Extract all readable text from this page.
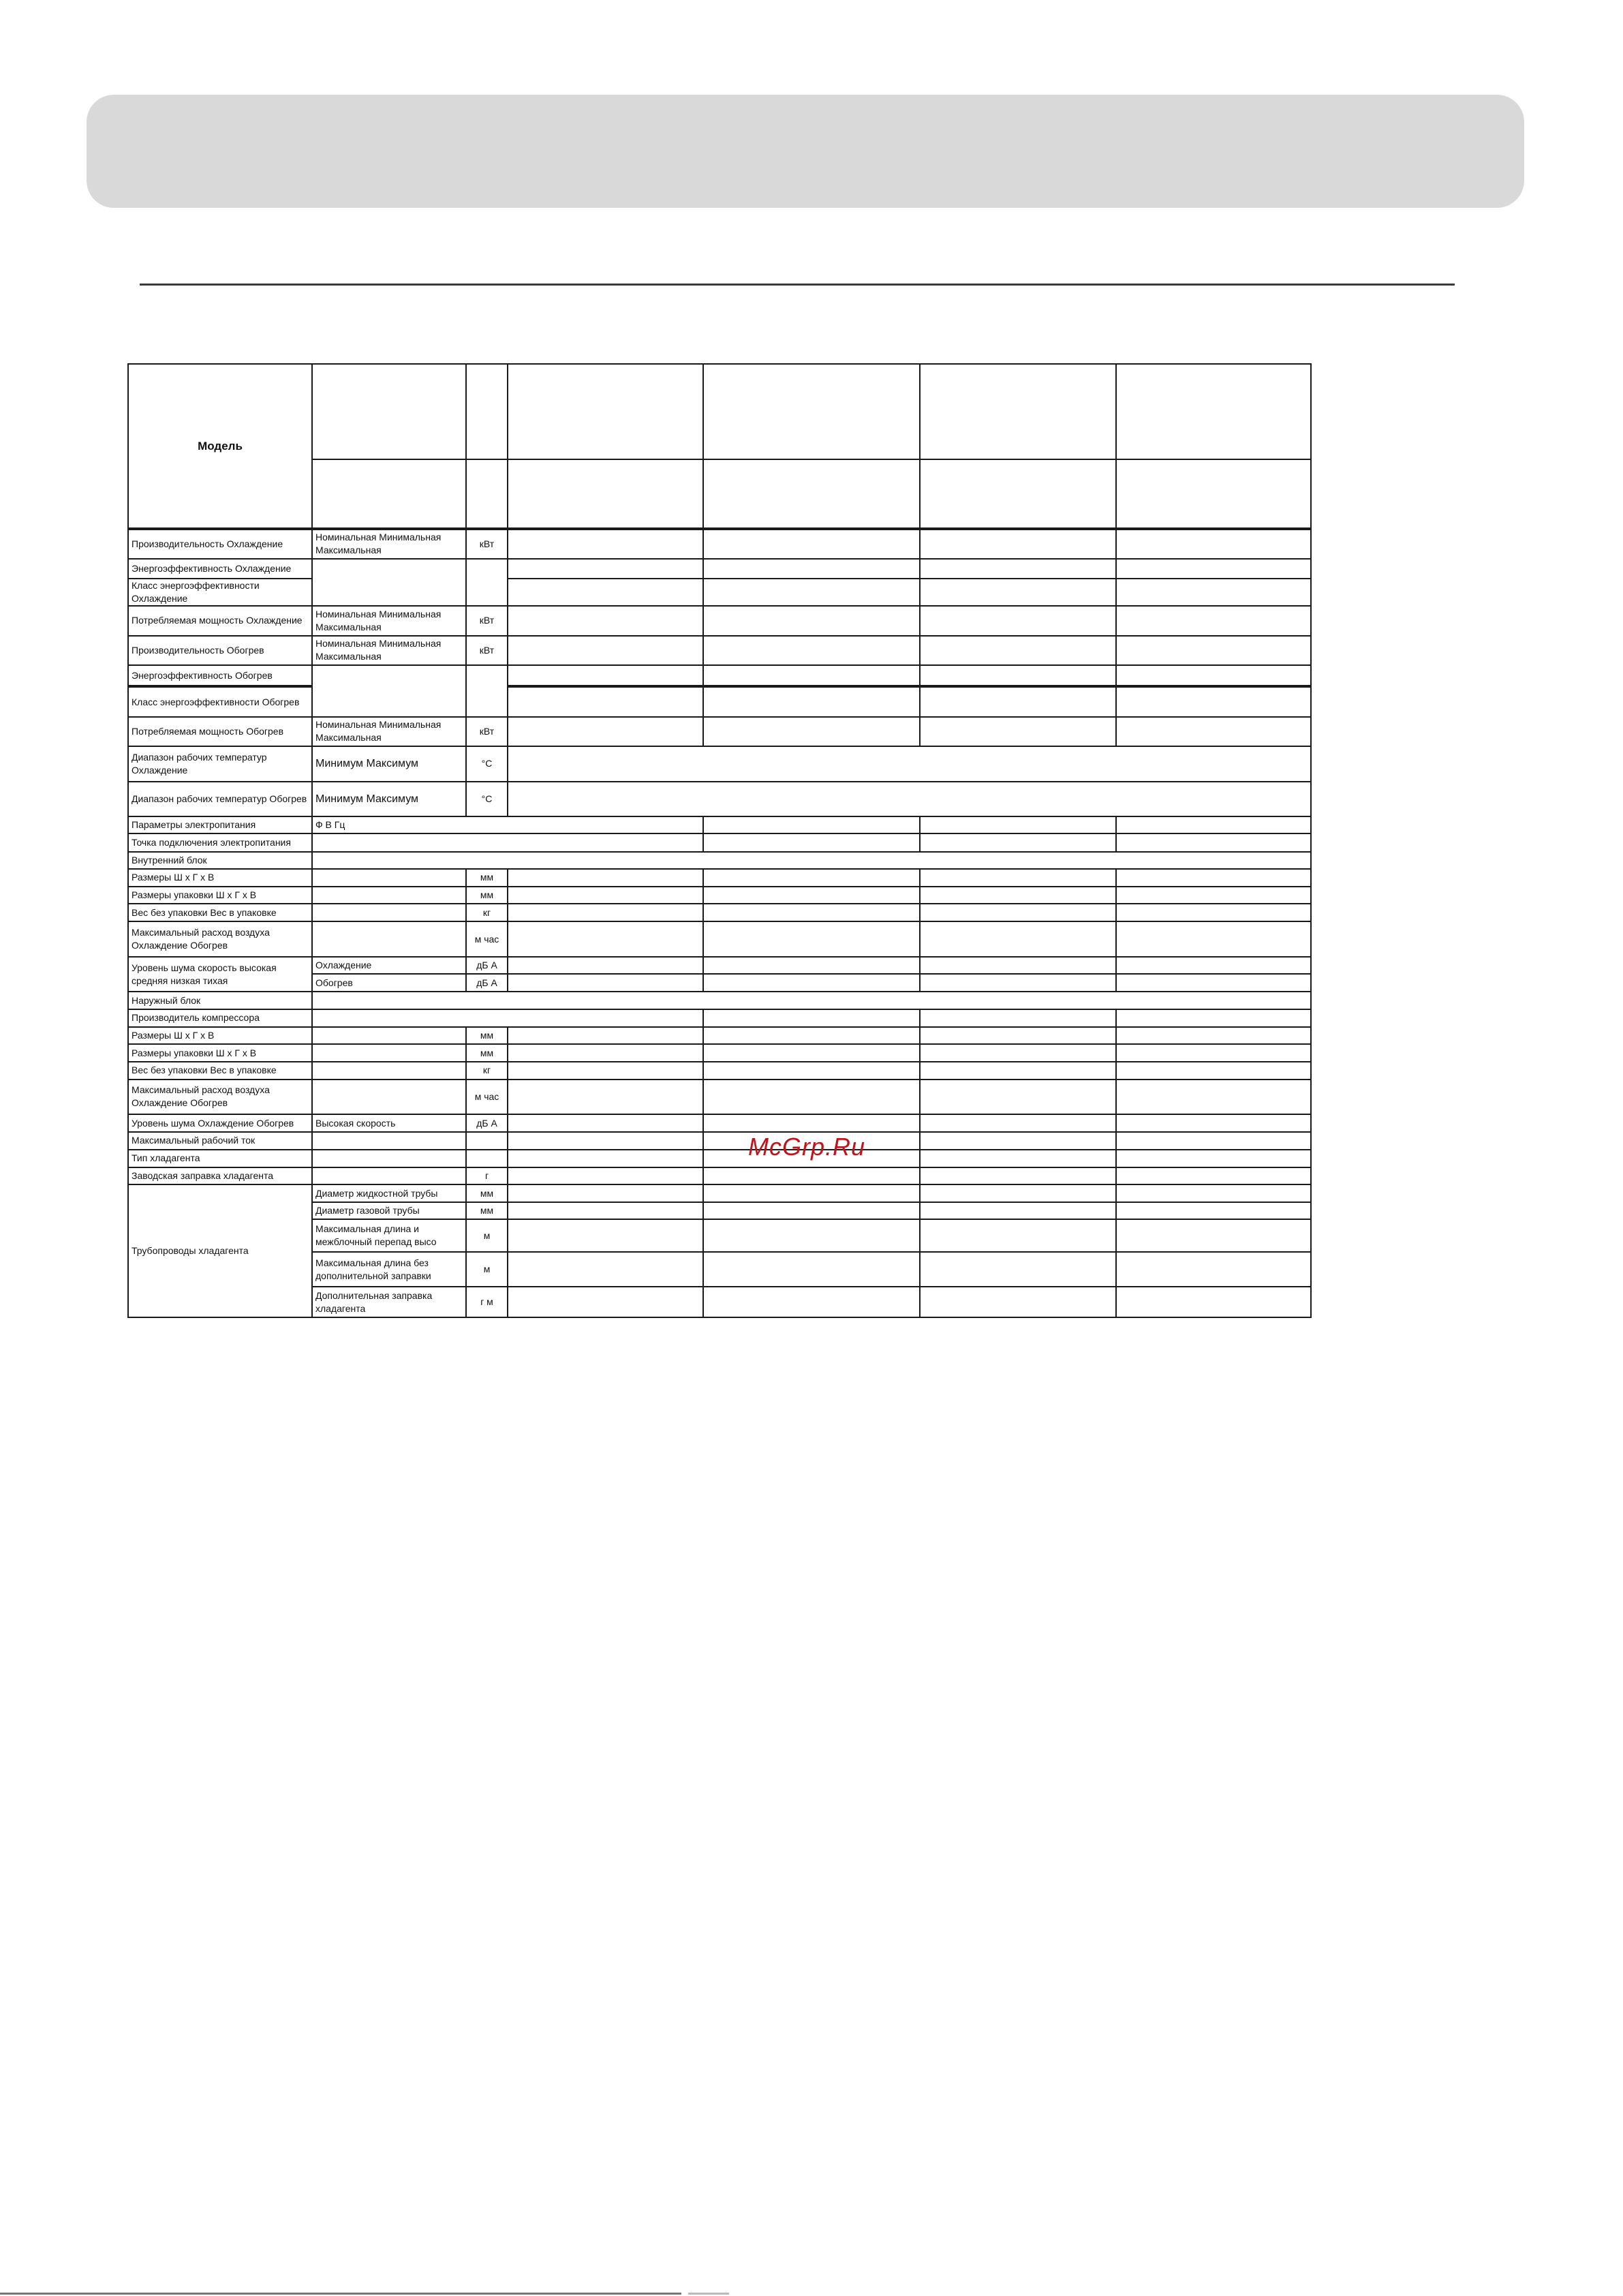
Модель						

Производительность Охлаждение	Номинальная Минимальная Максимальная	кВт				
Энергоэффективность Охлаждение						
Класс энергоэффективности Охлаждение						
Потребляемая мощность Охлаждение	Номинальная Минимальная Максимальная	кВт				
Производительность Обогрев	Номинальная Минимальная Максимальная	кВт				
Энергоэффективность Обогрев						
Класс энергоэффективности Обогрев						
Потребляемая мощность Обогрев	Номинальная Минимальная Максимальная	кВт				
Диапазон рабочих температур Охлаждение	Минимум Максимум	°C				
Диапазон рабочих температур Обогрев	Минимум Максимум	°C				
Параметры электропитания	Ф В Гц					
Точка подключения электропитания						
Внутренний блок						
Размеры Ш x Г x В		мм				
Размеры упаковки Ш x Г x В		мм				
Вес без упаковки Вес в упаковке		кг				
Максимальный расход воздуха Охлаждение Обогрев		м час				
Уровень шума скорость высокая средняя низкая тихая	Охлаждение	дБ А				
	Обогрев	дБ А				
Наружный блок						
Производитель компрессора						
Размеры Ш x Г x В		мм				
Размеры упаковки Ш x Г x В		мм				
Вес без упаковки Вес в упаковке		кг				
Максимальный расход воздуха Охлаждение Обогрев		м час				
Уровень шума Охлаждение Обогрев	Высокая скорость	дБ А				
Максимальный рабочий ток						
Тип хладагента						
Заводская заправка хладагента		г				
Трубопроводы хладагента	Диаметр жидкостной трубы	мм				
	Диаметр газовой трубы	мм				
	Максимальная длина и межблочный перепад высо	м				
	Максимальная длина без дополнительной заправки	м				
	Дополнительная заправка хладагента	г м				
McGrp.Ru
